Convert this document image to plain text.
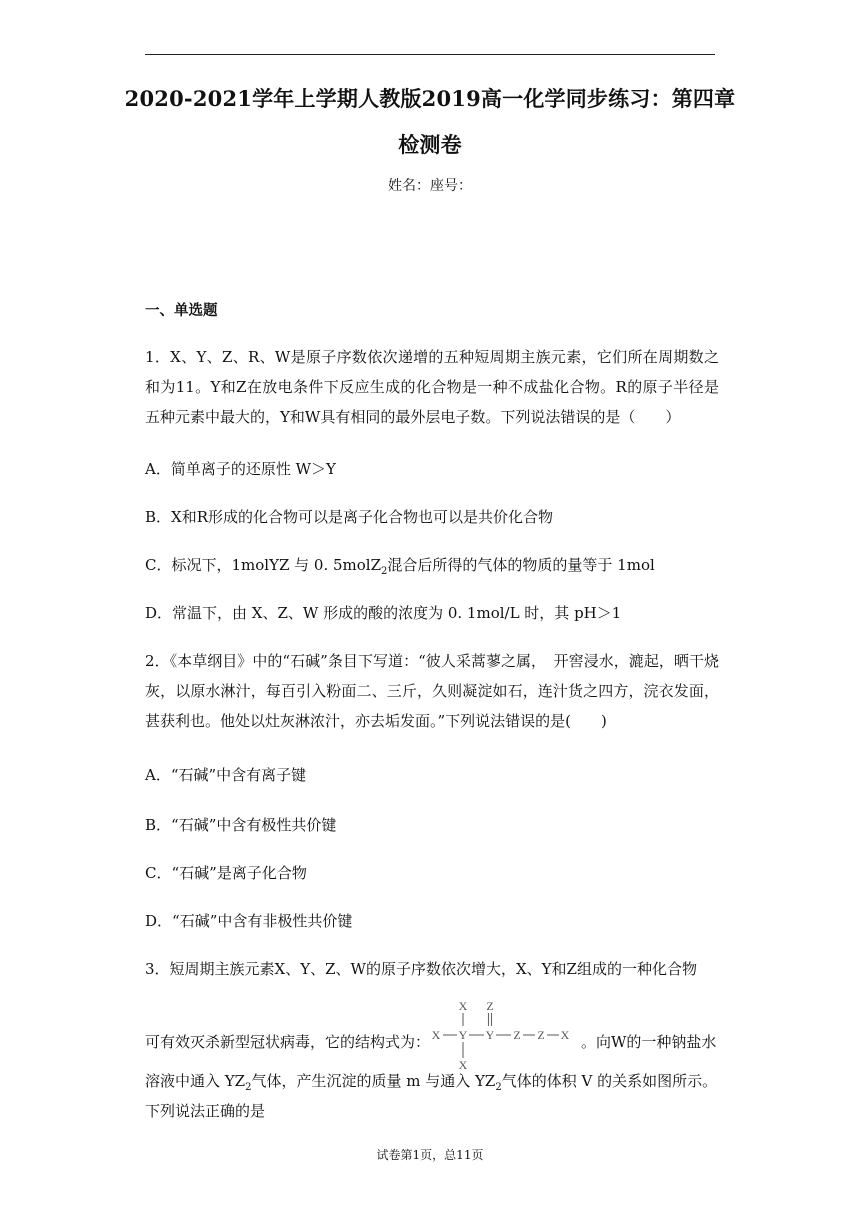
2020-2021学年上学期人教版2019高一化学同步练习：第四章检测卷
姓名：座号：
一、单选题
1．X、Y、Z、R、W是原子序数依次递增的五种短周期主族元素，它们所在周期数之和为11。Y和Z在放电条件下反应生成的化合物是一种不成盐化合物。R的原子半径是五种元素中最大的，Y和W具有相同的最外层电子数。下列说法错误的是（　　）
A．简单离子的还原性 W＞Y
B．X和R形成的化合物可以是离子化合物也可以是共价化合物
C．标况下，1molYZ 与 0. 5molZ$_2$混合后所得的气体的物质的量等于 1mol
D．常温下，由 X、Z、W 形成的酸的浓度为 0. 1mol/L 时，其 pH＞1
2．《本草纲目》中的“石碱”条目下写道：“彼人采蒿蓼之属，　开窖浸水，漉起，晒干烧灰，以原水淋汁，每百引入粉面二、三斤，久则凝淀如石，连汁货之四方，浣衣发面，甚获利也。他处以灶灰淋浓汁，亦去垢发面。”下列说法错误的是(　　)
A．“石碱”中含有离子键
B．“石碱”中含有极性共价键
C．“石碱”是离子化合物
D．“石碱”中含有非极性共价键
3．短周期主族元素X、Y、Z、W的原子序数依次增大，X、Y和Z组成的一种化合物
可有效灭杀新型冠状病毒，它的结构式为：
X Z
X Y Y Z Z X
X
。向W的一种钠盐水
溶液中通入 $YZ_2$气体，产生沉淀的质量 m 与通入 $YZ_2$气体的体积 V 的关系如图所示。
下列说法正确的是
试卷第1页，总11页
